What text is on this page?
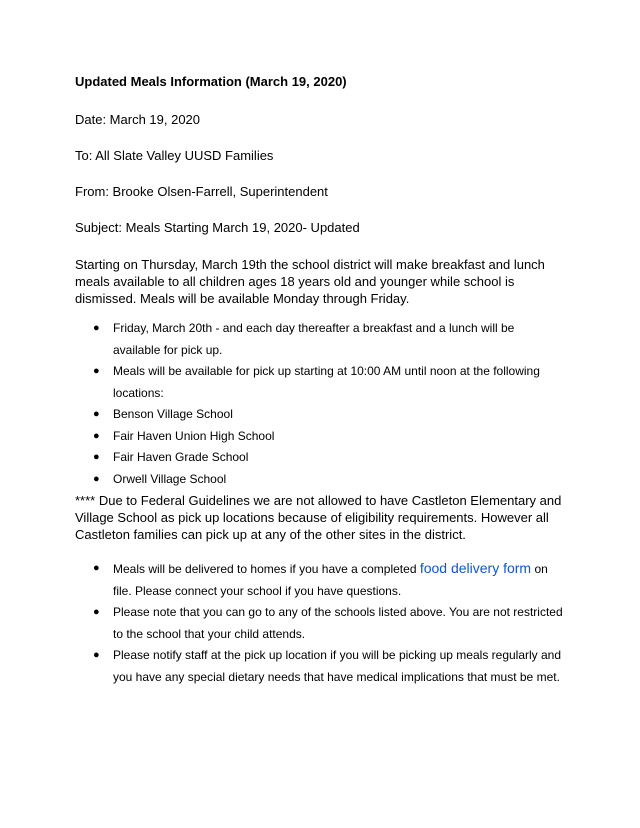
Updated Meals Information (March 19, 2020)
Date: March 19, 2020
To: All Slate Valley UUSD Families
From: Brooke Olsen-Farrell, Superintendent
Subject: Meals Starting March 19, 2020- Updated
Starting on Thursday, March 19th the school district will make breakfast and lunch meals available to all children ages 18 years old and younger while school is dismissed. Meals will be available Monday through Friday.
● Friday, March 20th - and each day thereafter a breakfast and a lunch will be available for pick up.
● Meals will be available for pick up starting at 10:00 AM until noon at the following locations:
● Benson Village School
● Fair Haven Union High School
● Fair Haven Grade School
● Orwell Village School
**** Due to Federal Guidelines we are not allowed to have Castleton Elementary and Village School as pick up locations because of eligibility requirements. However all Castleton families can pick up at any of the other sites in the district.
● Meals will be delivered to homes if you have a completed food delivery form on file. Please connect your school if you have questions.
● Please note that you can go to any of the schools listed above. You are not restricted to the school that your child attends.
● Please notify staff at the pick up location if you will be picking up meals regularly and you have any special dietary needs that have medical implications that must be met.
